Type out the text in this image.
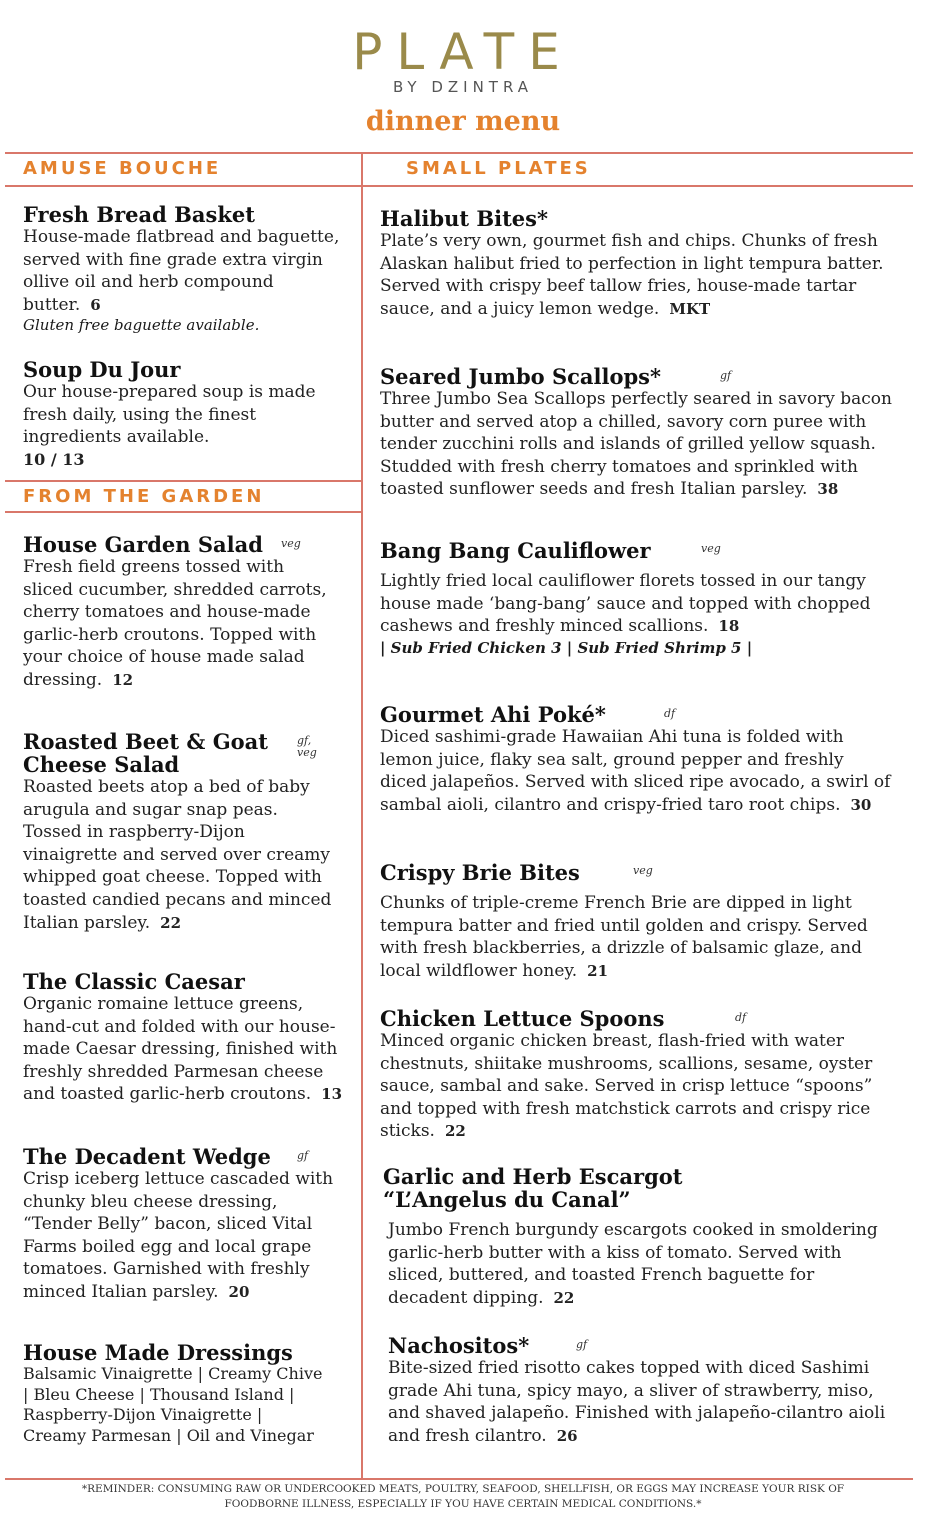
PLATE
BY DZINTRA
dinner menu
AMUSE BOUCHE	SMALL PLATES
FROM THE GARDEN
Fresh Bread Basket
House-made flatbread and baguette, served with fine grade extra virgin ollive oil and herb compound butter. 6
Gluten free baguette available.
Soup Du Jour
Our house-prepared soup is made fresh daily, using the finest ingredients available.
10 / 13
House Garden Salad
Fresh field greens tossed with sliced cucumber, shredded carrots, cherry tomatoes and house-made garlic-herb croutons. Topped with your choice of house made salad dressing. 12
veg
Roasted Beet & Goat Cheese Salad
Roasted beets atop a bed of baby arugula and sugar snap peas. Tossed in raspberry-Dijon vinaigrette and served over creamy whipped goat cheese. Topped with toasted candied pecans and minced Italian parsley. 22
gf, veg
The Classic Caesar
Organic romaine lettuce greens, hand-cut and folded with our house-made Caesar dressing, finished with freshly shredded Parmesan cheese and toasted garlic-herb croutons. 13
The Decadent Wedge
Crisp iceberg lettuce cascaded with chunky bleu cheese dressing, “Tender Belly” bacon, sliced Vital Farms boiled egg and local grape tomatoes. Garnished with freshly minced Italian parsley. 20
gf
House Made Dressings
Balsamic Vinaigrette | Creamy Chive | Bleu Cheese | Thousand Island | Raspberry-Dijon Vinaigrette | Creamy Parmesan | Oil and Vinegar
Halibut Bites*
Plate’s very own, gourmet fish and chips. Chunks of fresh Alaskan halibut fried to perfection in light tempura batter. Served with crispy beef tallow fries, house-made tartar sauce, and a juicy lemon wedge. MKT
Seared Jumbo Scallops*
Three Jumbo Sea Scallops perfectly seared in savory bacon butter and served atop a chilled, savory corn puree with tender zucchini rolls and islands of grilled yellow squash. Studded with fresh cherry tomatoes and sprinkled with toasted sunflower seeds and fresh Italian parsley. 38
gf
Bang Bang Cauliflower
Lightly fried local cauliflower florets tossed in our tangy house made ‘bang-bang’ sauce and topped with chopped cashews and freshly minced scallions. 18
| Sub Fried Chicken 3 | Sub Fried Shrimp 5 |
veg
Gourmet Ahi Poké*
Diced sashimi-grade Hawaiian Ahi tuna is folded with lemon juice, flaky sea salt, ground pepper and freshly diced jalapeños. Served with sliced ripe avocado, a swirl of sambal aioli, cilantro and crispy-fried taro root chips. 30
df
Crispy Brie Bites
Chunks of triple-creme French Brie are dipped in light tempura batter and fried until golden and crispy. Served with fresh blackberries, a drizzle of balsamic glaze, and local wildflower honey. 21
veg
Chicken Lettuce Spoons
Minced organic chicken breast, flash-fried with water chestnuts, shiitake mushrooms, scallions, sesame, oyster sauce, sambal and sake. Served in crisp lettuce “spoons” and topped with fresh matchstick carrots and crispy rice sticks. 22
df
Garlic and Herb Escargot
“L’Angelus du Canal”
Jumbo French burgundy escargots cooked in smoldering garlic-herb butter with a kiss of tomato. Served with sliced, buttered, and toasted French baguette for decadent dipping. 22
Nachositos*
Bite-sized fried risotto cakes topped with diced Sashimi grade Ahi tuna, spicy mayo, a sliver of strawberry, miso, and shaved jalapeño. Finished with jalapeño-cilantro aioli and fresh cilantro. 26
gf
*REMINDER: CONSUMING RAW OR UNDERCOOKED MEATS, POULTRY, SEAFOOD, SHELLFISH, OR EGGS MAY INCREASE YOUR RISK OF
FOODBORNE ILLNESS, ESPECIALLY IF YOU HAVE CERTAIN MEDICAL CONDITIONS.*
